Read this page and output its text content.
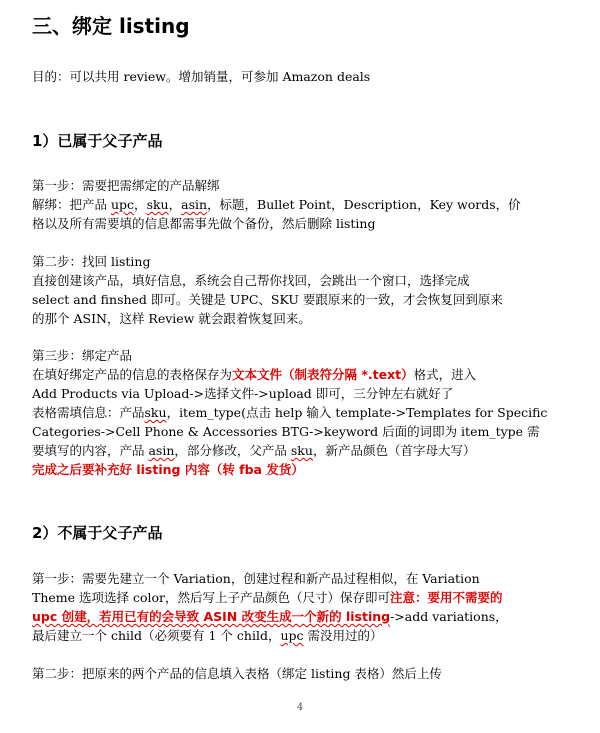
三、绑定 listing
目的：可以共用 review。增加销量，可参加 Amazon deals
1）已属于父子产品
第一步：需要把需绑定的产品解绑
解绑：把产品 upc，sku，asin，标题，Bullet Point，Description，Key words，价
格以及所有需要填的信息都需事先做个备份，然后删除 listing
第二步：找回 listing
直接创建该产品，填好信息，系统会自己帮你找回，会跳出一个窗口，选择完成
select and finshed 即可。关键是 UPC、SKU 要跟原来的一致，才会恢复回到原来
的那个 ASIN，这样 Review 就会跟着恢复回来。
第三步：绑定产品
在填好绑定产品的信息的表格保存为文本文件（制表符分隔 *.text）格式，进入
Add Products via Upload->选择文件->upload 即可，三分钟左右就好了
表格需填信息：产品sku，item_type(点击 help 输入 template->Templates for Specific
Categories->Cell Phone & Accessories BTG->keyword 后面的词即为 item_type 需
要填写的内容，产品 asin，部分修改，父产品 sku，新产品颜色（首字母大写）
完成之后要补充好 listing 内容（转 fba 发货）
2）不属于父子产品
第一步：需要先建立一个 Variation，创建过程和新产品过程相似，在 Variation
Theme 选项选择 color，然后写上子产品颜色（尺寸）保存即可注意：要用不需要的
upc 创建，若用已有的会导致 ASIN 改变生成一个新的 listing->add variations，
最后建立一个 child（必须要有 1 个 child，upc 需没用过的）
第二步：把原来的两个产品的信息填入表格（绑定 listing 表格）然后上传
4
